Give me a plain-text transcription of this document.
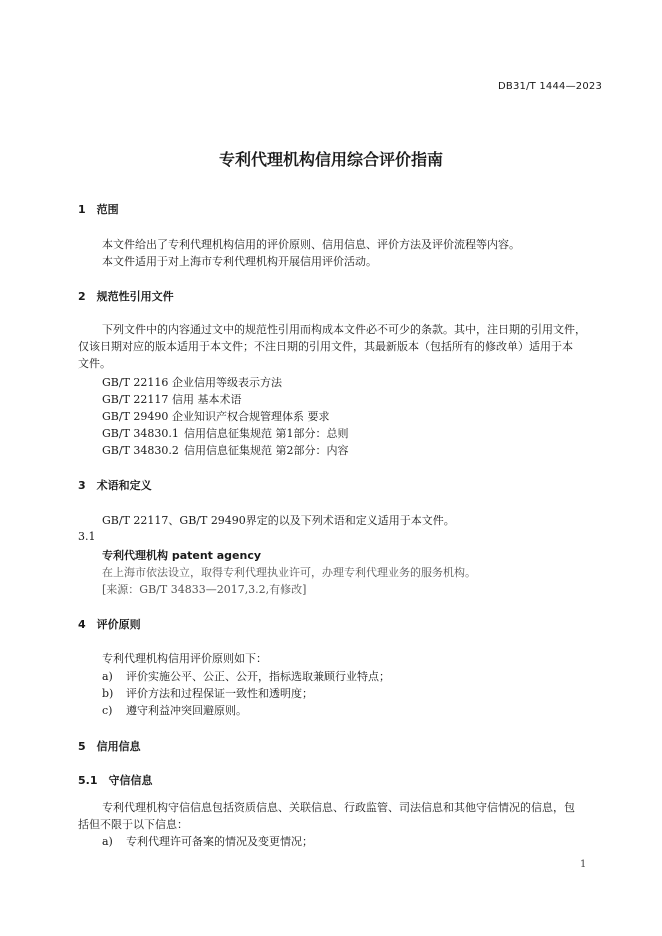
DB31/T 1444—2023
专利代理机构信用综合评价指南
1　范围
本文件给出了专利代理机构信用的评价原则、信用信息、评价方法及评价流程等内容。
本文件适用于对上海市专利代理机构开展信用评价活动。
2　规范性引用文件
下列文件中的内容通过文中的规范性引用而构成本文件必不可少的条款。其中，注日期的引用文件，
仅该日期对应的版本适用于本文件；不注日期的引用文件，其最新版本（包括所有的修改单）适用于本
文件。
GB/T 22116 企业信用等级表示方法
GB/T 22117 信用 基本术语
GB/T 29490 企业知识产权合规管理体系 要求
GB/T 34830.1 信用信息征集规范 第1部分：总则
GB/T 34830.2 信用信息征集规范 第2部分：内容
3　术语和定义
GB/T 22117、GB/T 29490界定的以及下列术语和定义适用于本文件。
3.1
专利代理机构 patent agency
在上海市依法设立，取得专利代理执业许可，办理专利代理业务的服务机构。
[来源：GB/T 34833—2017,3.2,有修改]
4　评价原则
专利代理机构信用评价原则如下：
a) 评价实施公平、公正、公开，指标选取兼顾行业特点；
b) 评价方法和过程保证一致性和透明度；
c) 遵守利益冲突回避原则。
5　信用信息
5.1　守信信息
专利代理机构守信信息包括资质信息、关联信息、行政监管、司法信息和其他守信情况的信息，包
括但不限于以下信息：
a) 专利代理许可备案的情况及变更情况；
1
